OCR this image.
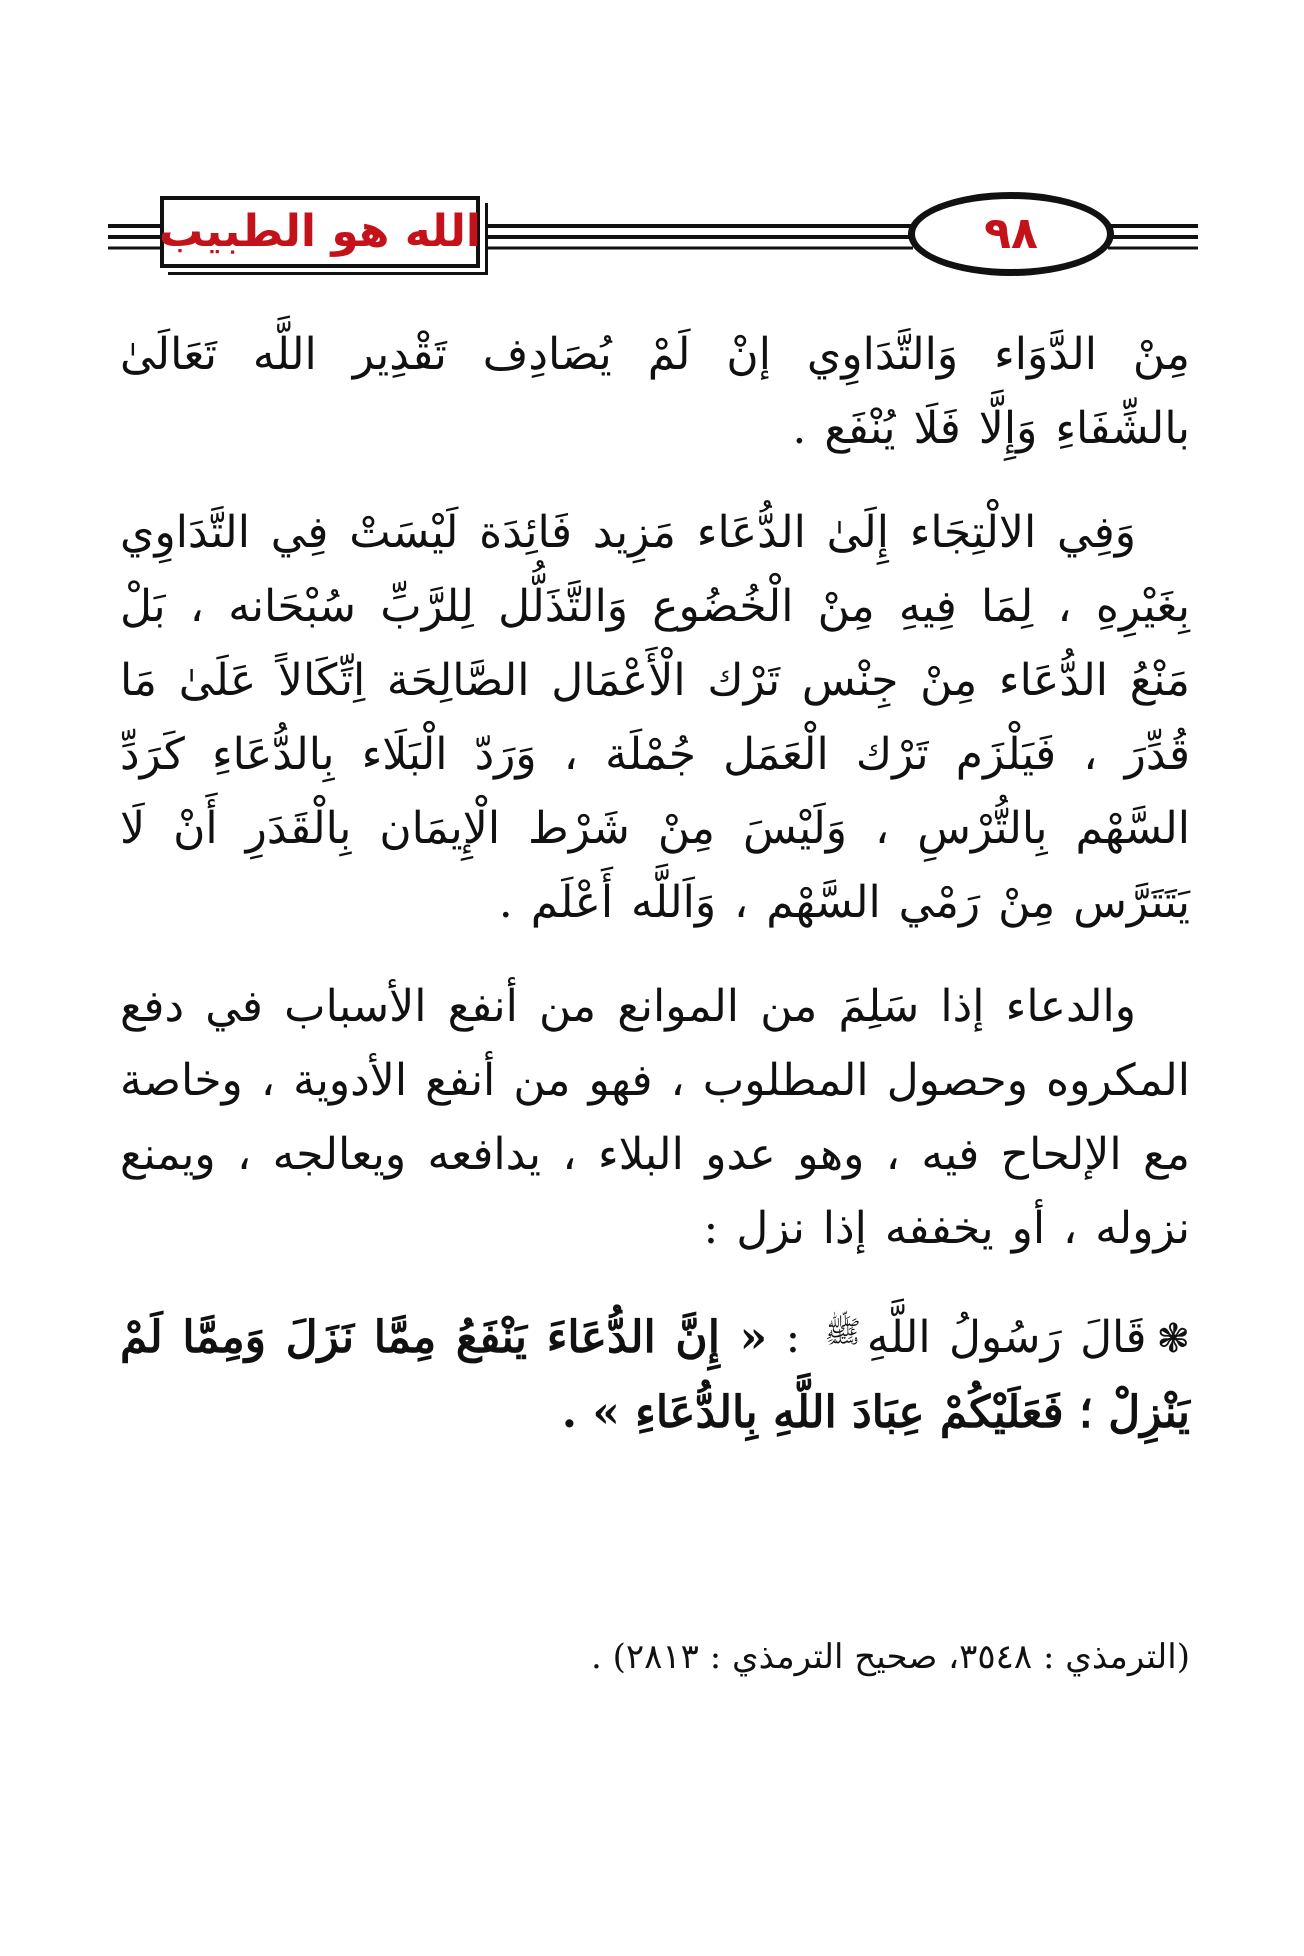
الله هو الطبيب	٩٨

مِنْ الدَّوَاء وَالتَّدَاوِي إنْ لَمْ يُصَادِف تَقْدِير اللَّه تَعَالَىٰ بالشِّفَاءِ وَإِلَّا فَلَا يُنْفَع .

وَفِي الالْتِجَاء إِلَىٰ الدُّعَاء مَزِيد فَائِدَة لَيْسَتْ فِي التَّدَاوِي بِغَيْرِهِ ، لِمَا فِيهِ مِنْ الْخُضُوع وَالتَّذَلُّل لِلرَّبِّ سُبْحَانه ، بَلْ مَنْعُ الدُّعَاء مِنْ جِنْس تَرْك الْأَعْمَال الصَّالِحَة اِتِّكَالاً عَلَىٰ مَا قُدِّرَ ، فَيَلْزَم تَرْك الْعَمَل جُمْلَة ، وَرَدّ الْبَلَاء بِالدُّعَاءِ كَرَدِّ السَّهْم بِالتُّرْسِ ، وَلَيْسَ مِنْ شَرْط الْإِيمَان بِالْقَدَرِ أَنْ لَا يَتَتَرَّس مِنْ رَمْي السَّهْم ، وَاَللَّه أَعْلَم .

والدعاء إذا سَلِمَ من الموانع من أنفع الأسباب في دفع المكروه وحصول المطلوب ، فهو من أنفع الأدوية ، وخاصة مع الإلحاح فيه ، وهو عدو البلاء ، يدافعه ويعالجه ، ويمنع نزوله ، أو يخففه إذا نزل :

❃قَالَ رَسُولُ اللَّهِ$^ﷺ$ : « إِنَّ الدُّعَاءَ يَنْفَعُ مِمَّا نَزَلَ وَمِمَّا لَمْ يَنْزِلْ ؛ فَعَلَيْكُمْ عِبَادَ اللَّهِ بِالدُّعَاءِ » .

(الترمذي : ٣٥٤٨، صحيح الترمذي : ٢٨١٣) .
